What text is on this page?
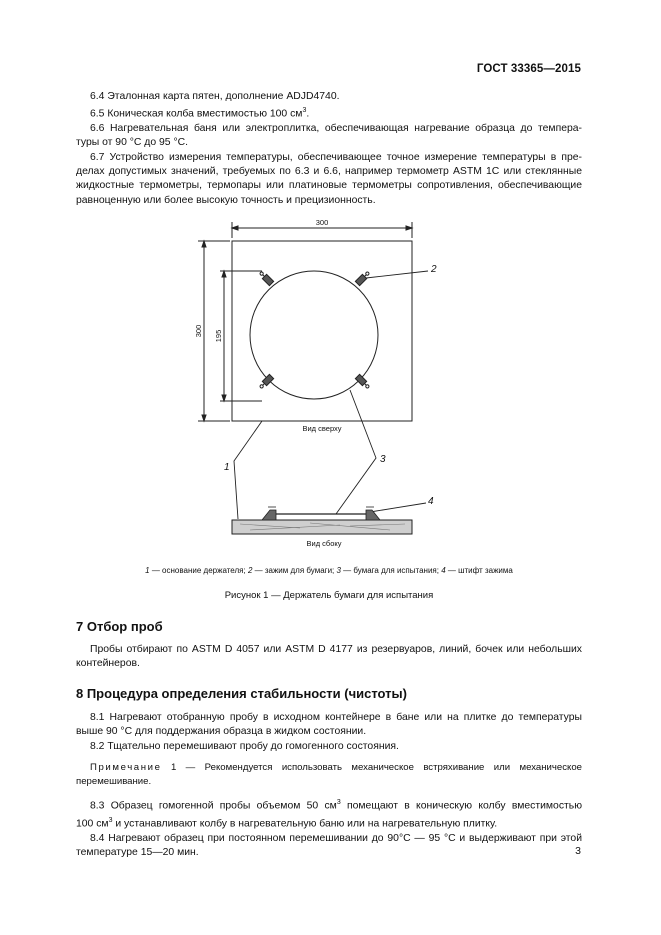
ГОСТ 33365—2015

6.4 Эталонная карта пятен, дополнение ADJD4740.

6.5 Коническая колба вместимостью 100 $см^3$.

6.6 Нагревательная баня или электроплитка, обеспечивающая нагревание образца до темпера-

туры от 90 °С до 95 °С.

6.7 Устройство измерения температуры, обеспечивающее точное измерение температуры в пре-

делах допустимых значений, требуемых по 6.3 и 6.6, например термометр ASTM 1С или стеклянные

жидкостные термометры, термопары или платиновые термометры сопротивления, обеспечивающие

равноценную или более высокую точность и прецизионность.

300
300 195
Вид сверху
Вид сбоку
1
2
3
4
1 — основание держателя; 2 — зажим для бумаги; 3 — бумага для испытания; 4 — штифт зажима
Рисунок 1 — Держатель бумаги для испытания
7 Отбор проб

Пробы отбирают по ASTM D 4057 или ASTM D 4177 из резервуаров, линий, бочек или небольших

контейнеров.

8 Процедура определения стабильности (чистоты)

8.1 Нагревают отобранную пробу в исходном контейнере в бане или на плитке до температуры

выше 90 °С для поддержания образца в жидком состоянии.

8.2 Тщательно перемешивают пробу до гомогенного состояния.

Примечание 1 — Рекомендуется использовать механическое встряхивание или механическое

перемешивание.

8.3 Образец гомогенной пробы объемом 50 $см^3$ помещают в коническую колбу вместимостью

100 $см^3$ и устанавливают колбу в нагревательную баню или на нагревательную плитку.

8.4 Нагревают образец при постоянном перемешивании до 90°С — 95 °С и выдерживают при этой

температуре 15—20 мин.	3
